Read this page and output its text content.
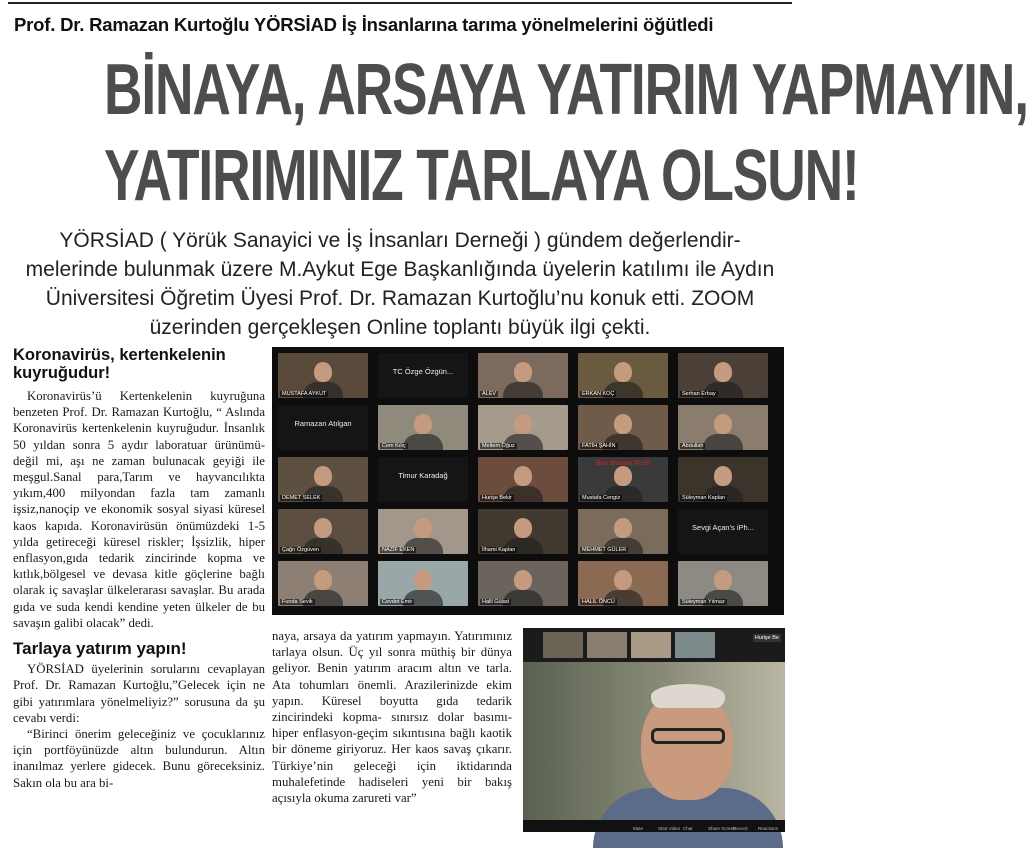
Prof. Dr. Ramazan Kurtoğlu YÖRSİAD İş İnsanlarına tarıma yönelmelerini öğütledi
BİNAYA, ARSAYA YATIRIM YAPMAYIN,
YATIRIMINIZ TARLAYA OLSUN!
YÖRSİAD ( Yörük Sanayici ve İş İnsanları Derneği ) gündem değerlendir-melerinde bulunmak üzere M.Aykut Ege Başkanlığında üyelerin katılımı ile Aydın Üniversitesi Öğretim Üyesi Prof. Dr. Ramazan Kurtoğlu’nu konuk etti. ZOOM üzerinden gerçekleşen Online toplantı büyük ilgi çekti.
Koronavirüs, kertenkelenin kuyruğudur!

Koronavirüs’ü Kertenkelenin kuyruğuna benzeten Prof. Dr. Ramazan Kurtoğlu, “ Aslında Koronavirüs kertenkelenin kuyruğudur. İnsanlık 50 yıldan sonra 5 aydır laboratuar ürünümü- değil mi, aşı ne zaman bulunacak geyiği ile meşgul.Sanal para,Tarım ve hayvancılıkta yıkım,400 milyondan fazla tam zamanlı işsiz,nanoçip ve ekonomik sosyal siyasi küresel kaos kapıda. Koronavirüsün önümüzdeki 1-5 yılda getireceği küresel riskler; İşsizlik, hiper enflasyon,gıda tedarik zincirinde kopma ve kıtlık,bölgesel ve devasa kitle göçlerine bağlı olarak iç savaşlar ülkelerarası savaşlar. Bu arada gıda ve suda kendi kendine yeten ülkeler de bu savaşın galibi olacak” dedi.

Tarlaya yatırım yapın!

YÖRSİAD üyelerinin sorularını cevaplayan Prof. Dr. Ramazan Kurtoğlu,”Gelecek için ne gibi yatırımlara yönelmeliyiz?” sorusuna da şu cevabı verdi:

“Birinci önerim geleceğiniz ve çocuklarınız için portföyünüzde altın bulundurun. Altın inanılmaz yerlere gidecek. Bunu göreceksiniz. Sakın ola bu ara bi-

MUSTAFA AYKUT
TC Özge Özgün...
ALEV	ERKAN KOÇ	Serhan Erbay
Ramazan Atılgan
Cem Kılıç	Meltem Oğuz	FATİH ŞAHİN	Abdullah
DEMET SELEK
Timur Karadağ
Hurişe Bekir
Best Western PLUS
Mustafa Cengiz	Süleyman Kaplan
Çağrı Özgüven	NAZİF EKEN	İlhami Kaplan	MEHMET GÜLER
Sevgi Açan's iPh...
Funda Sevik	Cevdet Emir	Halil Gülad	HALİL ÖNCÜ	Süleyman Yılmaz
naya, arsaya da yatırım yapmayın. Yatırımınız tarlaya olsun. Üç yıl sonra müthiş bir dünya geliyor. Benin yatırım aracım altın ve tarla. Ata tohumları önemli. Arazilerinizde ekim yapın. Küresel boyutta gıda tedarik zincirindeki kopma- sınırsız dolar basımı-hiper enflasyon-geçim sıkıntısına bağlı kaotik bir döneme giriyoruz. Her kaos savaş çıkarır. Türkiye’nin geleceği için iktidarında muhalefetinde hadiseleri yeni bir bakış açısıyla okuma zarureti var”
Hurişe Be
Mute	Start Video Chat	Share Screen
Record Reactions
